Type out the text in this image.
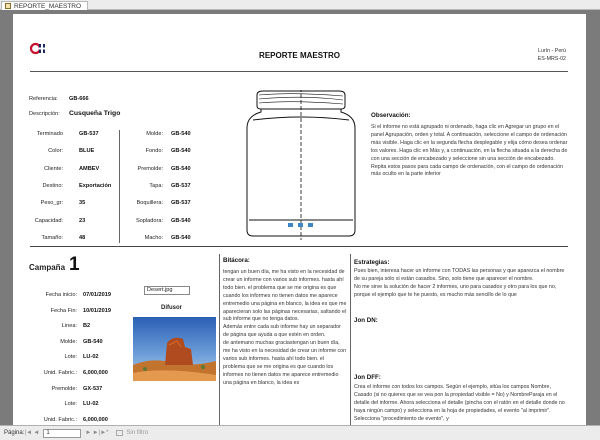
REPORTE_MAESTRO
REPORTE MAESTRO	Lurín - Perú
ES-MRS-02
Referencia: GB-666
Descripción: Cusqueña Trigo
Terminado	GB-537
Color:	BLUE
Cliente:	AMBEV
Destino:	Exportación
Peso_gr:	35
Capacidad:	23
Tamaño:	48
Molde: GB-540
Fondo: GB-540
Premolde: GB-540
Tapa: GB-537
Boquillera: GB-537
Sopladora: GB-540
Macho: GB-540
Observación:
Si el informe no está agrupado ni ordenado, haga clic en Agregar un grupo en el panel Agrupación, orden y total. A continuación, seleccione el campo de ordenación más visible. Haga clic en la segunda flecha desplegable y elija cómo desea ordenar los valores. Haga clic en Más y, a continuación, en la flecha situada a la derecha de con una sección de encabezado y seleccione sin una sección de encabezado. Repita estos pasos para cada campo de ordenación, con el campo de ordenación más oculto en la parte inferior
Campaña 1
Fecha inicio: 07/01/2019
Fecha Fin: 10/01/2019
Linea: B2
Molde: GB-540
Lote: LU-02
Unid. Fabric.: 6,000,000
Premolde: GX-537
Lote: LU-02
Unid. Fabric.: 6,000,000
Desert.jpg
Difusor
Bitácora:
tengan un buen día, me ha visto en la necesidad de crear un informe con varios sub informes. hasta ahí todo bien. el problema que se me origina es que cuando los informes no tienen datos me aparece entremedio una página en blanco, la idea es que me aparecieran solo las páginas necesarias, saltando el sub informe que no tenga datos.
Además entre cada sub informe hay un separador de página que ayuda a que estén en orden.
de antemano muchas graciastengan un buen día, me ha visto en la necesidad de crear un informe con varios sub informes. hasta ahí todo bien. el problema que se me origina es que cuando los informes no tienen datos me aparece entremedio una página en blanco, la idea es
Estrategias:
Pues bien, interesa hacer un informe con TODAS las personas y que aparezca el nombre de su pareja sólo si están casados. Sino, solo tiene que aparecer el nombre.
No me sirve la solución de hacer 2 informes, uno para casados y otro para los que no, porque el ejemplo que te he puesto, es mucho más sencillo de lo que
Jon DN:
Jon DFF:
Crea el informe con todos los campos. Según el ejemplo, sitúa los campos Nombre, Casado (si no quieres que se vea pon la propiedad visible = No) y NombreParaja en el detalle del informe. Ahora selecciona el detalle (pincha con el ratón en el detalle donde no haya ningún campo) y selecciona en la hoja de propiedades, el evento "al imprimir". Selecciona "procedimiento de evento", y
Página: |◄ ◄	1	► ►| ►*	Sin filtro
